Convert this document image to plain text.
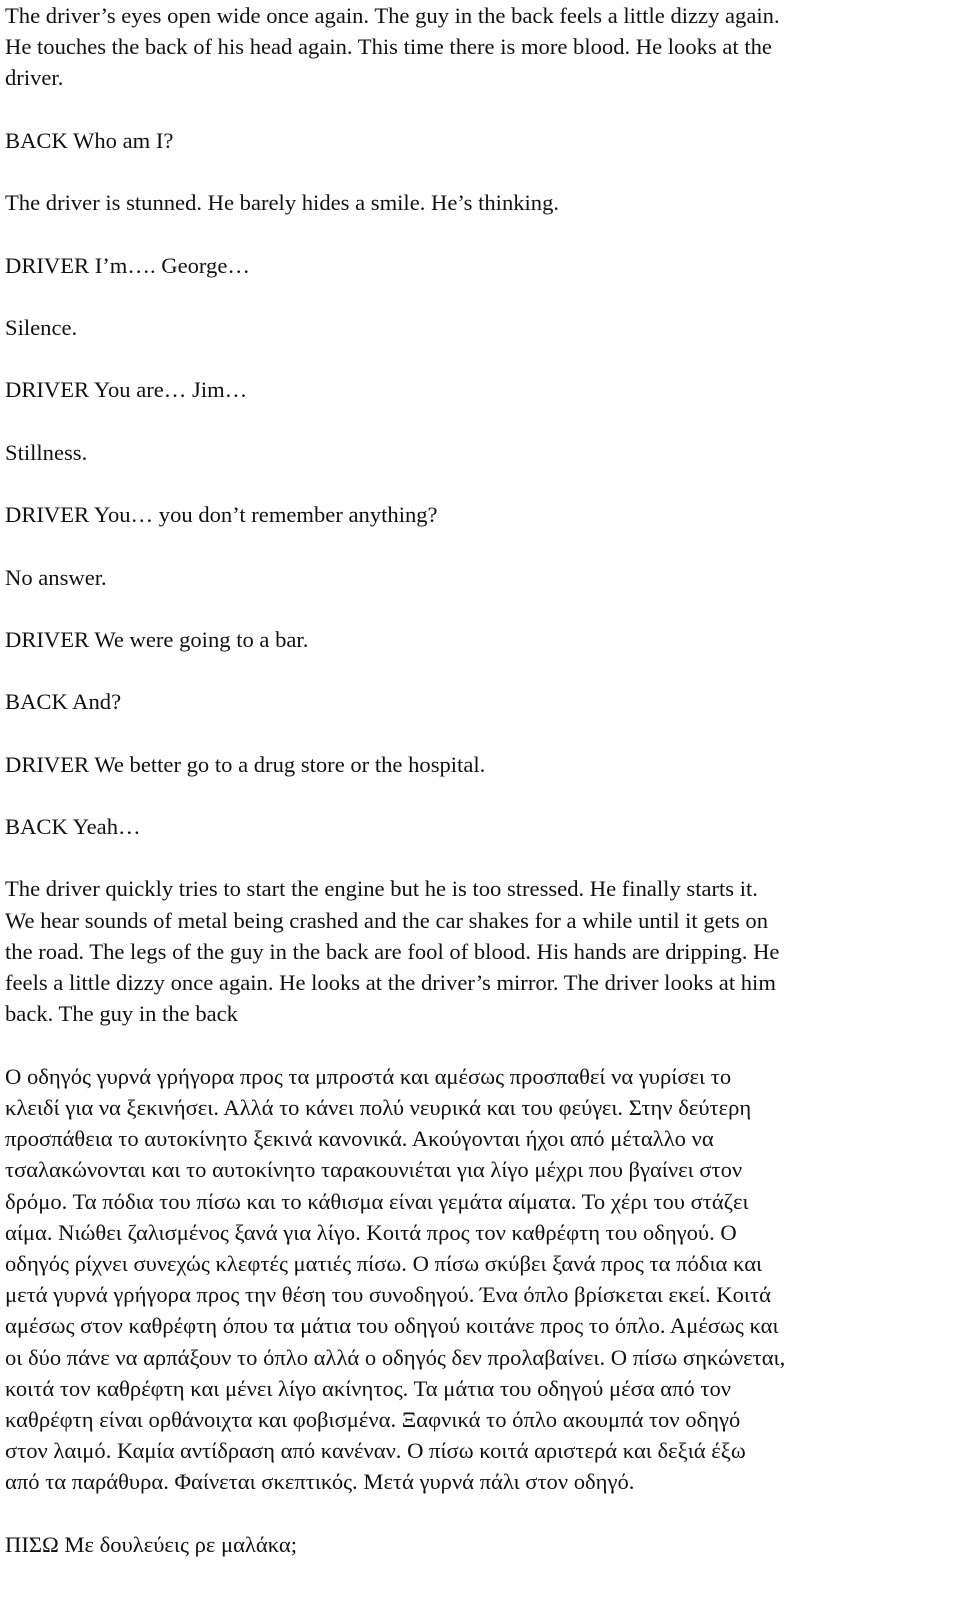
The driver’s eyes open wide once again. The guy in the back feels a little dizzy again.
He touches the back of his head again. This time there is more blood. He looks at the
driver.

BACK Who am I?

The driver is stunned. He barely hides a smile. He’s thinking.

DRIVER I’m…. George…

Silence.

DRIVER You are… Jim…

Stillness.

DRIVER You… you don’t remember anything?

No answer.

DRIVER We were going to a bar.

BACK And?

DRIVER We better go to a drug store or the hospital.

BACK Yeah…

The driver quickly tries to start the engine but he is too stressed. He finally starts it.
We hear sounds of metal being crashed and the car shakes for a while until it gets on
the road. The legs of the guy in the back are fool of blood. His hands are dripping. He
feels a little dizzy once again. He looks at the driver’s mirror. The driver looks at him
back. The guy in the back

Ο οδηγός γυρνά γρήγορα προς τα μπροστά και αμέσως προσπαθεί να γυρίσει το
κλειδί για να ξεκινήσει. Αλλά το κάνει πολύ νευρικά και του φεύγει. Στην δεύτερη
προσπάθεια το αυτοκίνητο ξεκινά κανονικά. Ακούγονται ήχοι από μέταλλο να
τσαλακώνονται και το αυτοκίνητο ταρακουνιέται για λίγο μέχρι που βγαίνει στον
δρόμο. Τα πόδια του πίσω και το κάθισμα είναι γεμάτα αίματα. Το χέρι του στάζει
αίμα. Νιώθει ζαλισμένος ξανά για λίγο. Κοιτά προς τον καθρέφτη του οδηγού. Ο
οδηγός ρίχνει συνεχώς κλεφτές ματιές πίσω. Ο πίσω σκύβει ξανά προς τα πόδια και
μετά γυρνά γρήγορα προς την θέση του συνοδηγού. Ένα όπλο βρίσκεται εκεί. Κοιτά
αμέσως στον καθρέφτη όπου τα μάτια του οδηγού κοιτάνε προς το όπλο. Αμέσως και
οι δύο πάνε να αρπάξουν το όπλο αλλά ο οδηγός δεν προλαβαίνει. Ο πίσω σηκώνεται,
κοιτά τον καθρέφτη και μένει λίγο ακίνητος. Τα μάτια του οδηγού μέσα από τον
καθρέφτη είναι ορθάνοιχτα και φοβισμένα. Ξαφνικά το όπλο ακουμπά τον οδηγό
στον λαιμό. Καμία αντίδραση από κανέναν. Ο πίσω κοιτά αριστερά και δεξιά έξω
από τα παράθυρα. Φαίνεται σκεπτικός. Μετά γυρνά πάλι στον οδηγό.

ΠΙΣΩ Με δουλεύεις ρε μαλάκα;
